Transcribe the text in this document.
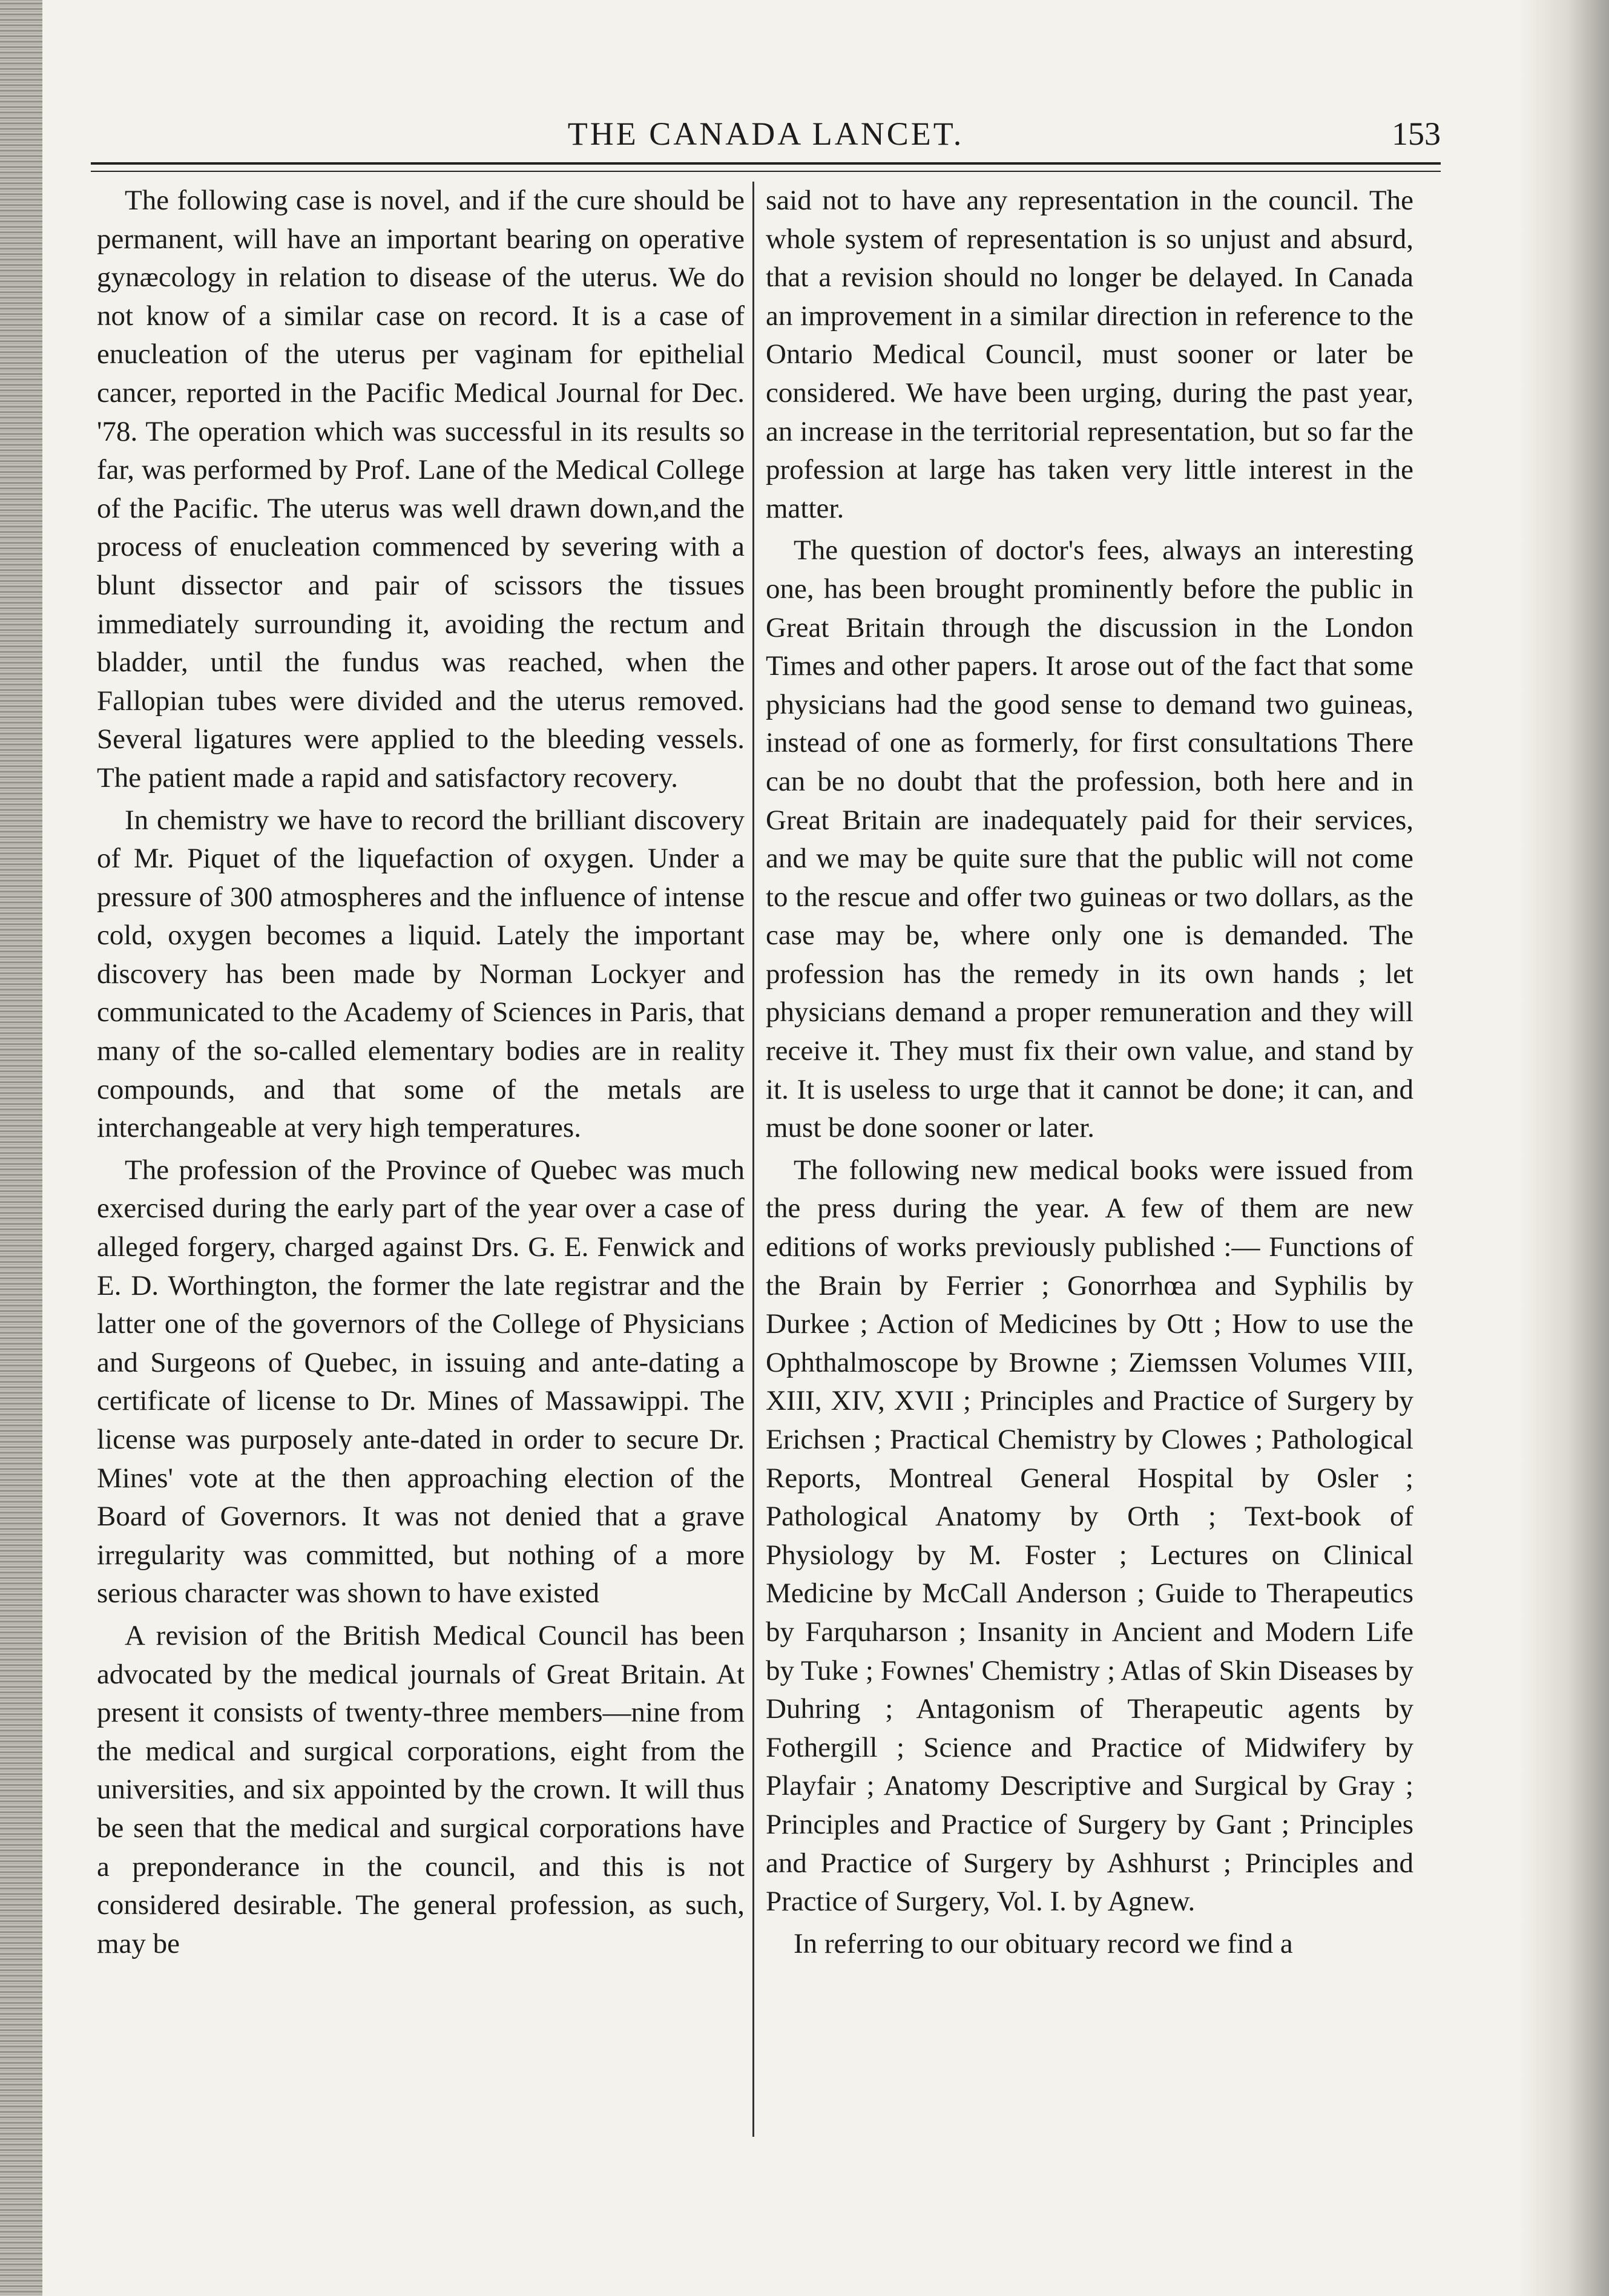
THE CANADA LANCET.	153

The following case is novel, and if the cure should be permanent, will have an important bearing on operative gynæcology in relation to disease of the uterus. We do not know of a similar case on record. It is a case of enucleation of the uterus per vaginam for epithelial cancer, reported in the Pacific Medical Journal for Dec. '78. The operation which was successful in its results so far, was performed by Prof. Lane of the Medical College of the Pacific. The uterus was well drawn down,and the process of enucleation commenced by severing with a blunt dissector and pair of scissors the tissues immediately surrounding it, avoiding the rectum and bladder, until the fundus was reached, when the Fallopian tubes were divided and the uterus removed. Several ligatures were applied to the bleeding vessels. The patient made a rapid and satisfactory recovery.

In chemistry we have to record the brilliant discovery of Mr. Piquet of the liquefaction of oxygen. Under a pressure of 300 atmospheres and the influence of intense cold, oxygen becomes a liquid. Lately the important discovery has been made by Norman Lockyer and communicated to the Academy of Sciences in Paris, that many of the so-called elementary bodies are in reality compounds, and that some of the metals are interchangeable at very high temperatures.

The profession of the Province of Quebec was much exercised during the early part of the year over a case of alleged forgery, charged against Drs. G. E. Fenwick and E. D. Worthington, the former the late registrar and the latter one of the governors of the College of Physicians and Surgeons of Quebec, in issuing and ante-dating a certificate of license to Dr. Mines of Massawippi. The license was purposely ante-dated in order to secure Dr. Mines' vote at the then approaching election of the Board of Governors. It was not denied that a grave irregularity was committed, but nothing of a more serious character was shown to have existed

A revision of the British Medical Council has been advocated by the medical journals of Great Britain. At present it consists of twenty-three members—nine from the medical and surgical corporations, eight from the universities, and six appointed by the crown. It will thus be seen that the medical and surgical corporations have a preponderance in the council, and this is not considered desirable. The general profession, as such, may be

said not to have any representation in the council. The whole system of representation is so unjust and absurd, that a revision should no longer be delayed. In Canada an improvement in a similar direction in reference to the Ontario Medical Council, must sooner or later be considered. We have been urging, during the past year, an increase in the territorial representation, but so far the profession at large has taken very little interest in the matter.

The question of doctor's fees, always an interesting one, has been brought prominently before the public in Great Britain through the discussion in the London Times and other papers. It arose out of the fact that some physicians had the good sense to demand two guineas, instead of one as formerly, for first consultations There can be no doubt that the profession, both here and in Great Britain are inadequately paid for their services, and we may be quite sure that the public will not come to the rescue and offer two guineas or two dollars, as the case may be, where only one is demanded. The profession has the remedy in its own hands ; let physicians demand a proper remuneration and they will receive it. They must fix their own value, and stand by it. It is useless to urge that it cannot be done; it can, and must be done sooner or later.

The following new medical books were issued from the press during the year. A few of them are new editions of works previously published :— Functions of the Brain by Ferrier ; Gonorrhœa and Syphilis by Durkee ; Action of Medicines by Ott ; How to use the Ophthalmoscope by Browne ; Ziemssen Volumes VIII, XIII, XIV, XVII ; Principles and Practice of Surgery by Erichsen ; Practical Chemistry by Clowes ; Pathological Reports, Montreal General Hospital by Osler ; Pathological Anatomy by Orth ; Text-book of Physiology by M. Foster ; Lectures on Clinical Medicine by McCall Anderson ; Guide to Therapeutics by Farquharson ; Insanity in Ancient and Modern Life by Tuke ; Fownes' Chemistry ; Atlas of Skin Diseases by Duhring ; Antagonism of Therapeutic agents by Fothergill ; Science and Practice of Midwifery by Playfair ; Anatomy Descriptive and Surgical by Gray ; Principles and Practice of Surgery by Gant ; Principles and Practice of Surgery by Ashhurst ; Principles and Practice of Surgery, Vol. I. by Agnew.

In referring to our obituary record we find a
